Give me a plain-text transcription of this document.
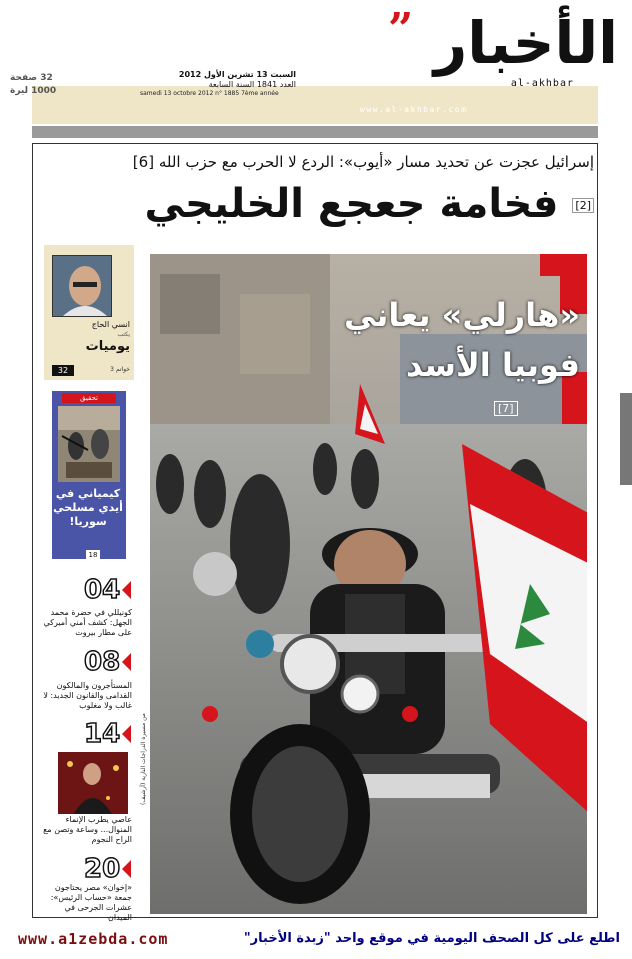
الأخبار
”
al-akhbar
السبت 13 تشرين الأول 2012
العدد 1841 السنة السابعة
samedi 13 octobre 2012 n° 1885 7ème année
32 صفحة
1000 ليرة
www.al-akhbar.com
إسرائيل عجزت عن تحديد مسار «أيوب»: الردع لا الحرب مع حزب الله [6]
[2] فخامة جعجع الخليجي
«هارلي» يعاني
فوبيا الأسد
[7]
من مسيرة الدراجات النارية (أرشيف)
انسي الحاج
يكتب
يوميات
32	خواتم 3
تحقيق
كيمياني في أيدي مسلحي سوريا!
18
04
كونيللي في حضرة محمد الجهل: كشف أمني أميركي على مطار بيروت
08
المستأجرون والمالكون القدامى والقانون الجديد: لا غالب ولا مغلوب
14
عاصي يطرب الإنماء المنوال... وساعة وتصن مع الراح النجوم
20
«إخوان» مصر يحتاجون جمعة «حساب الرئيس»: عشرات الجرحى في الميدان
www.a1zebda.com	اطلع على كل الصحف اليومية في موقع واحد "زبدة الأخبار"
